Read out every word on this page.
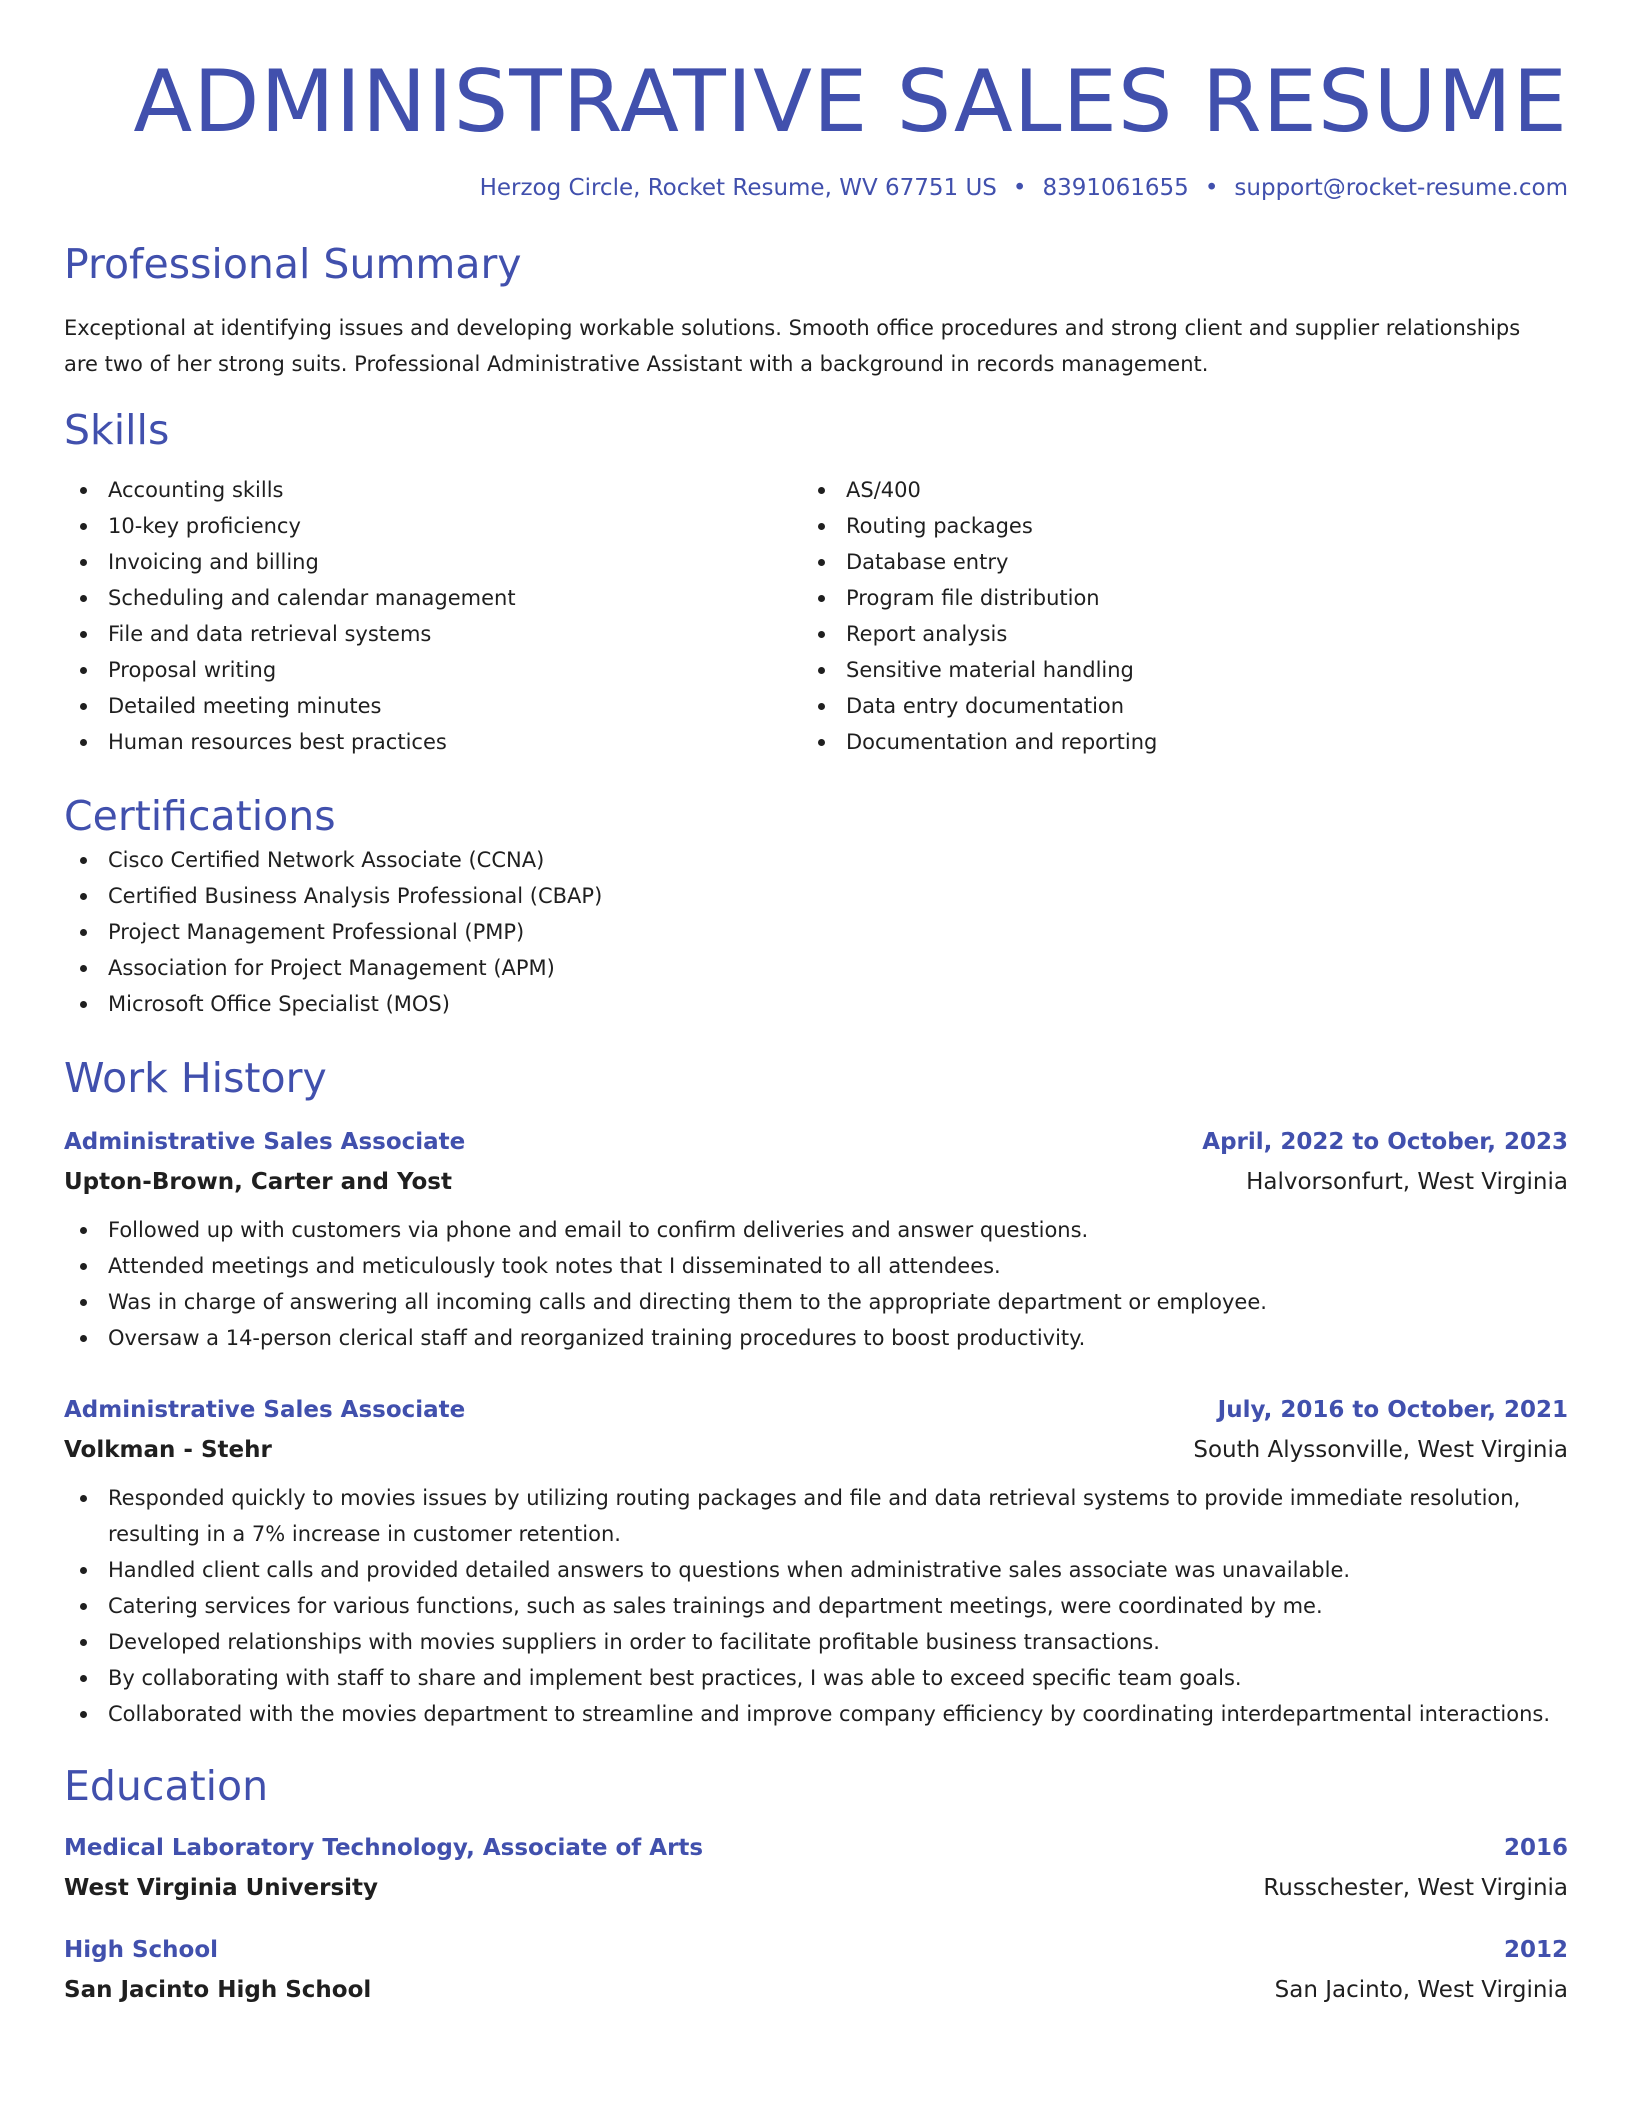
ADMINISTRATIVE SALES RESUME
Herzog Circle, Rocket Resume, WV 67751 US • 8391061655 • support@rocket-resume.com
Professional Summary
Exceptional at identifying issues and developing workable solutions. Smooth office procedures and strong client and supplier relationships are two of her strong suits. Professional Administrative Assistant with a background in records management.
Skills
Accounting skills
10-key proficiency
Invoicing and billing
Scheduling and calendar management
File and data retrieval systems
Proposal writing
Detailed meeting minutes
Human resources best practices
AS/400
Routing packages
Database entry
Program file distribution
Report analysis
Sensitive material handling
Data entry documentation
Documentation and reporting
Certifications
Cisco Certified Network Associate (CCNA)
Certified Business Analysis Professional (CBAP)
Project Management Professional (PMP)
Association for Project Management (APM)
Microsoft Office Specialist (MOS)
Work History
Administrative Sales Associate	April, 2022 to October, 2023
Upton-Brown, Carter and Yost	Halvorsonfurt, West Virginia
Followed up with customers via phone and email to confirm deliveries and answer questions.
Attended meetings and meticulously took notes that I disseminated to all attendees.
Was in charge of answering all incoming calls and directing them to the appropriate department or employee.
Oversaw a 14-person clerical staff and reorganized training procedures to boost productivity.
Administrative Sales Associate	July, 2016 to October, 2021
Volkman - Stehr	South Alyssonville, West Virginia
Responded quickly to movies issues by utilizing routing packages and file and data retrieval systems to provide immediate resolution, resulting in a 7% increase in customer retention.
Handled client calls and provided detailed answers to questions when administrative sales associate was unavailable.
Catering services for various functions, such as sales trainings and department meetings, were coordinated by me.
Developed relationships with movies suppliers in order to facilitate profitable business transactions.
By collaborating with staff to share and implement best practices, I was able to exceed specific team goals.
Collaborated with the movies department to streamline and improve company efficiency by coordinating interdepartmental interactions.
Education
Medical Laboratory Technology, Associate of Arts	2016
West Virginia University	Russchester, West Virginia
High School	2012
San Jacinto High School	San Jacinto, West Virginia
